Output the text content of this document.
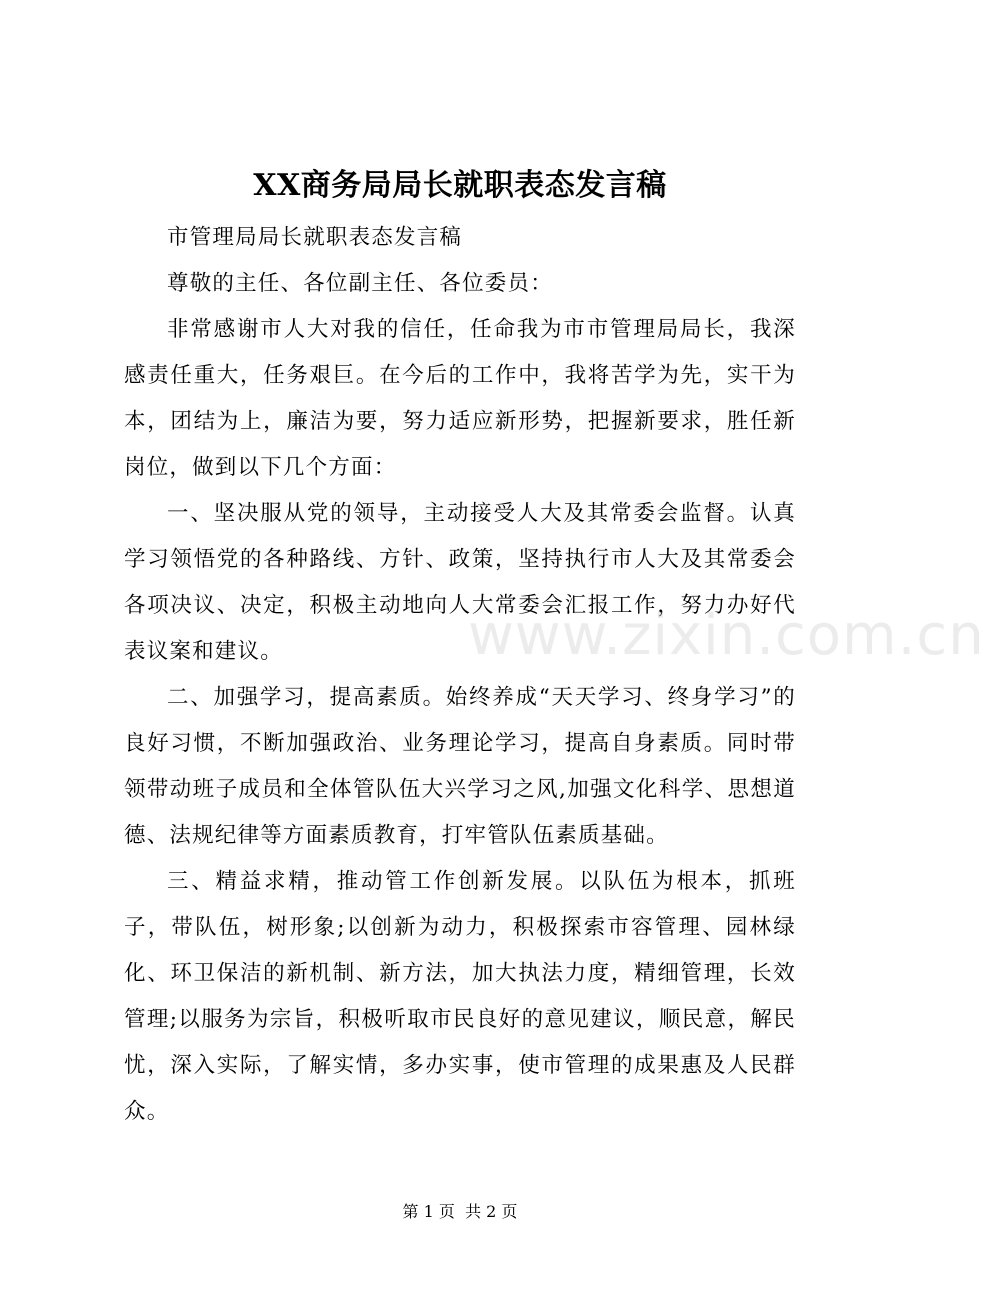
XX商务局局长就职表态发言稿

市管理局局长就职表态发言稿

尊敬的主任、各位副主任、各位委员：

非常感谢市人大对我的信任，任命我为市市管理局局长，我深感责任重大，任务艰巨。在今后的工作中，我将苦学为先，实干为本，团结为上，廉洁为要，努力适应新形势，把握新要求，胜任新岗位，做到以下几个方面：

一、坚决服从党的领导，主动接受人大及其常委会监督。认真学习领悟党的各种路线、方针、政策，坚持执行市人大及其常委会各项决议、决定，积极主动地向人大常委会汇报工作，努力办好代表议案和建议。

二、加强学习，提高素质。始终养成“天天学习、终身学习”的良好习惯，不断加强政治、业务理论学习，提高自身素质。同时带领带动班子成员和全体管队伍大兴学习之风,加强文化科学、思想道德、法规纪律等方面素质教育，打牢管队伍素质基础。

三、精益求精，推动管工作创新发展。以队伍为根本，抓班子，带队伍，树形象;以创新为动力，积极探索市容管理、园林绿化、环卫保洁的新机制、新方法，加大执法力度，精细管理，长效管理;以服务为宗旨，积极听取市民良好的意见建议，顺民意，解民忧，深入实际，了解实情，多办实事，使市管理的成果惠及人民群众。

www.zixin.com.cn
第 1 页 共 2 页
